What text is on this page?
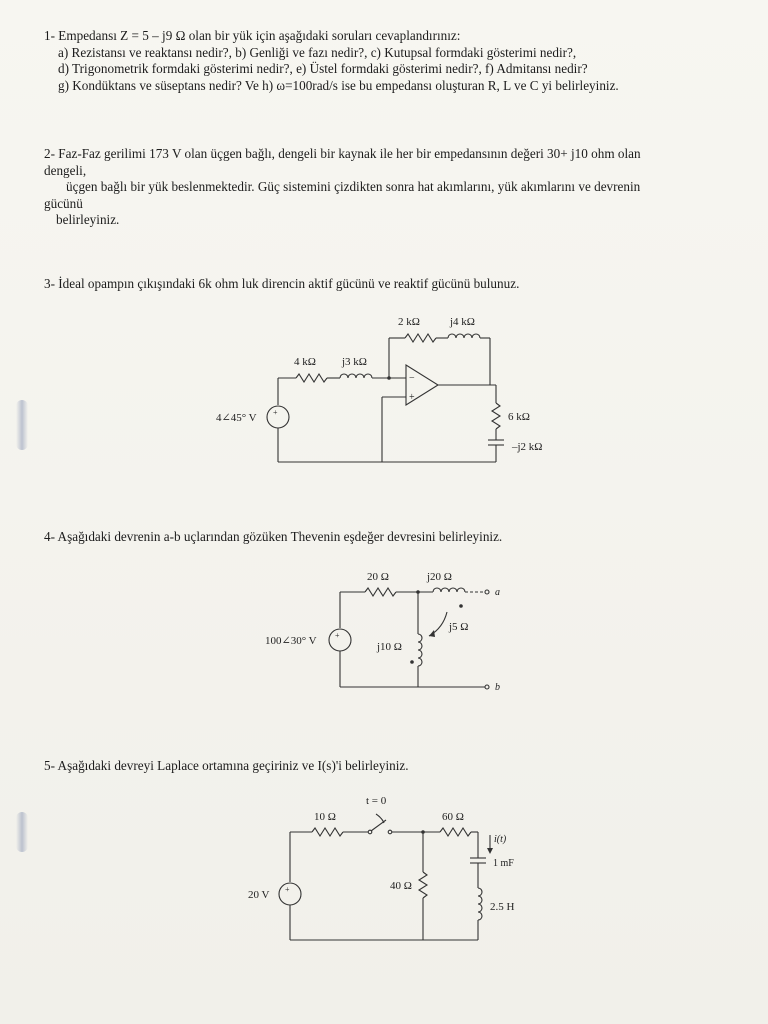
1- Empedansı Z = 5 – j9 Ω olan bir yük için aşağıdaki soruları cevaplandırınız:

a) Rezistansı ve reaktansı nedir?, b) Genliği ve fazı nedir?, c) Kutupsal formdaki gösterimi nedir?,

d) Trigonometrik formdaki gösterimi nedir?, e) Üstel formdaki gösterimi nedir?, f) Admitansı nedir?

g) Kondüktans ve süseptans nedir? Ve h) ω=100rad/s ise bu empedansı oluşturan R, L ve C yi belirleyiniz.

2- Faz-Faz gerilimi 173 V olan üçgen bağlı, dengeli bir kaynak ile her bir empedansının değeri 30+ j10 ohm olan

dengeli,

üçgen bağlı bir yük beslenmektedir. Güç sistemini çizdikten sonra hat akımlarını, yük akımlarını ve devrenin

gücünü

belirleyiniz.

3- İdeal opampın çıkışındaki 6k ohm luk direncin aktif gücünü ve reaktif gücünü bulunuz.

+
4∠45° V
4 kΩ j3 kΩ
2 kΩ	j4 kΩ
−
+
6 kΩ
–j2 kΩ

4- Aşağıdaki devrenin a-b uçlarından gözüken Thevenin eşdeğer devresini belirleyiniz.

+
100∠30° V
20 Ω	j20 Ω
a
j10 Ω
j5 Ω
b

5- Aşağıdaki devreyi Laplace ortamına geçiriniz ve I(s)'i belirleyiniz.

+
20 V
10 Ω
t = 0
60 Ω
40 Ω
i(t)
1 mF
2.5 H
